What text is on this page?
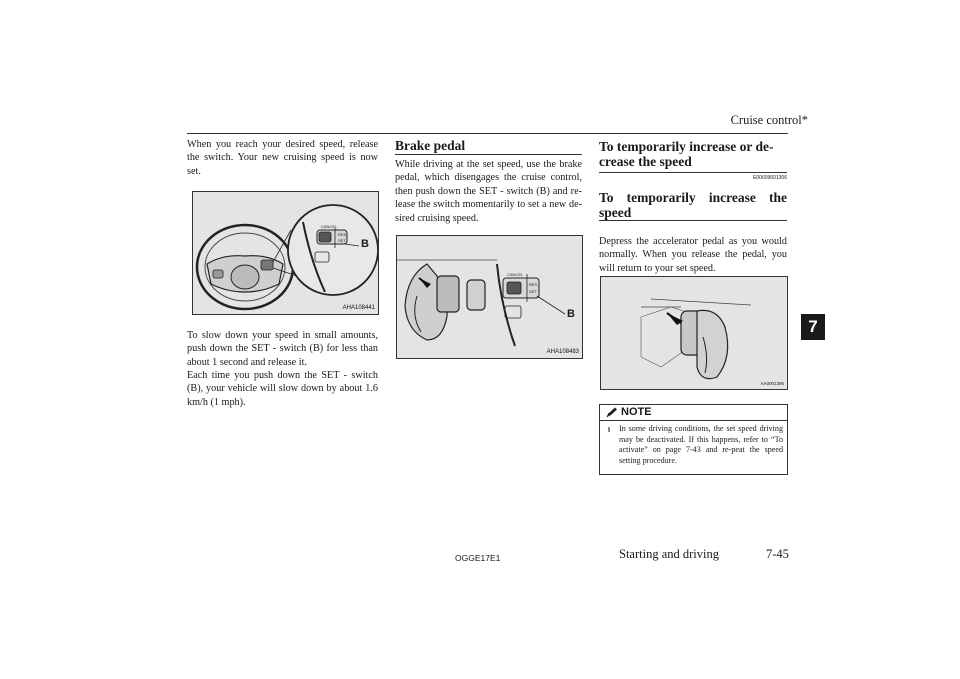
Cruise control*
7

When you reach your desired speed, release the switch. Your new cruising speed is now set.

CANCEL
RES
SET B
AHA108441

To slow down your speed in small amounts, push down the SET - switch (B) for less than about 1 second and release it.

Each time you push down the SET - switch (B), your vehicle will slow down by about 1.6 km/h (1 mph).

Brake pedal

While driving at the set speed, use the brake pedal, which disengages the cruise control, then push down the SET - switch (B) and re-lease the switch momentarily to set a new de-sired cruising speed.

CANCEL
RES
SET
B
AHA108483

To temporarily increase or de-crease the speed

E00609601306

To temporarily increase the speed

Depress the accelerator pedal as you would normally. When you release the pedal, you will return to your set speed.

AA0001395
NOTE
l In some driving conditions, the set speed driving may be deactivated. If this happens, refer to “To activate” on page 7-43 and re-peat the speed setting procedure.

OGGE17E1	Starting and driving	7-45
